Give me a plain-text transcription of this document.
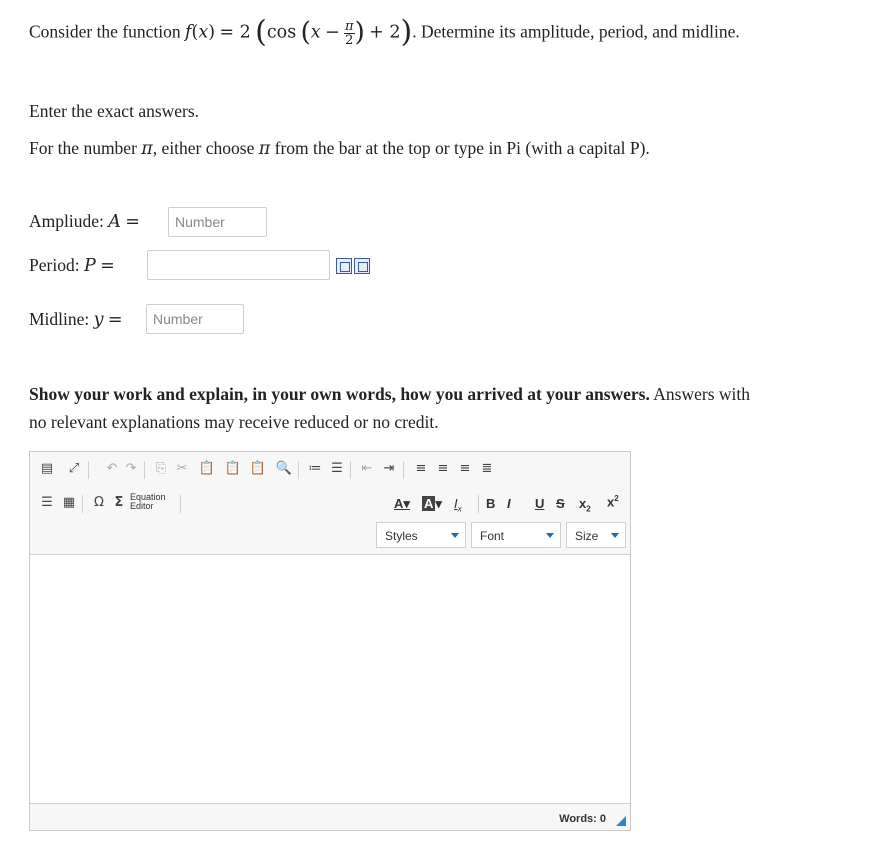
Consider the function f(x) = 2 (cos ($x - \frac{\pi}{2}$ ) + 2). Determine its amplitude, period, and midline.
Enter the exact answers.
For the number π, either choose π from the bar at the top or type in Pi (with a capital P).
Ampliude: A =	Number
Period: P =
Midline: y = Number
Show your work and explain, in your own words, how you arrived at your answers. Answers with
no relevant explanations may receive reduced or no credit.
▤ ⤢ ↶ ↷ ⎘ ✂ 📋 📋 📋 🔍 ≔ ☰ ⇤ ⇥ ≡ ≡ ≡ ≣
☰ ▦	Ω Σ Equation
Editor	A▾ A ▾ $I_x$ B I U S $x_2$ $x^2$
Styles	Font	Size
Words: 0
